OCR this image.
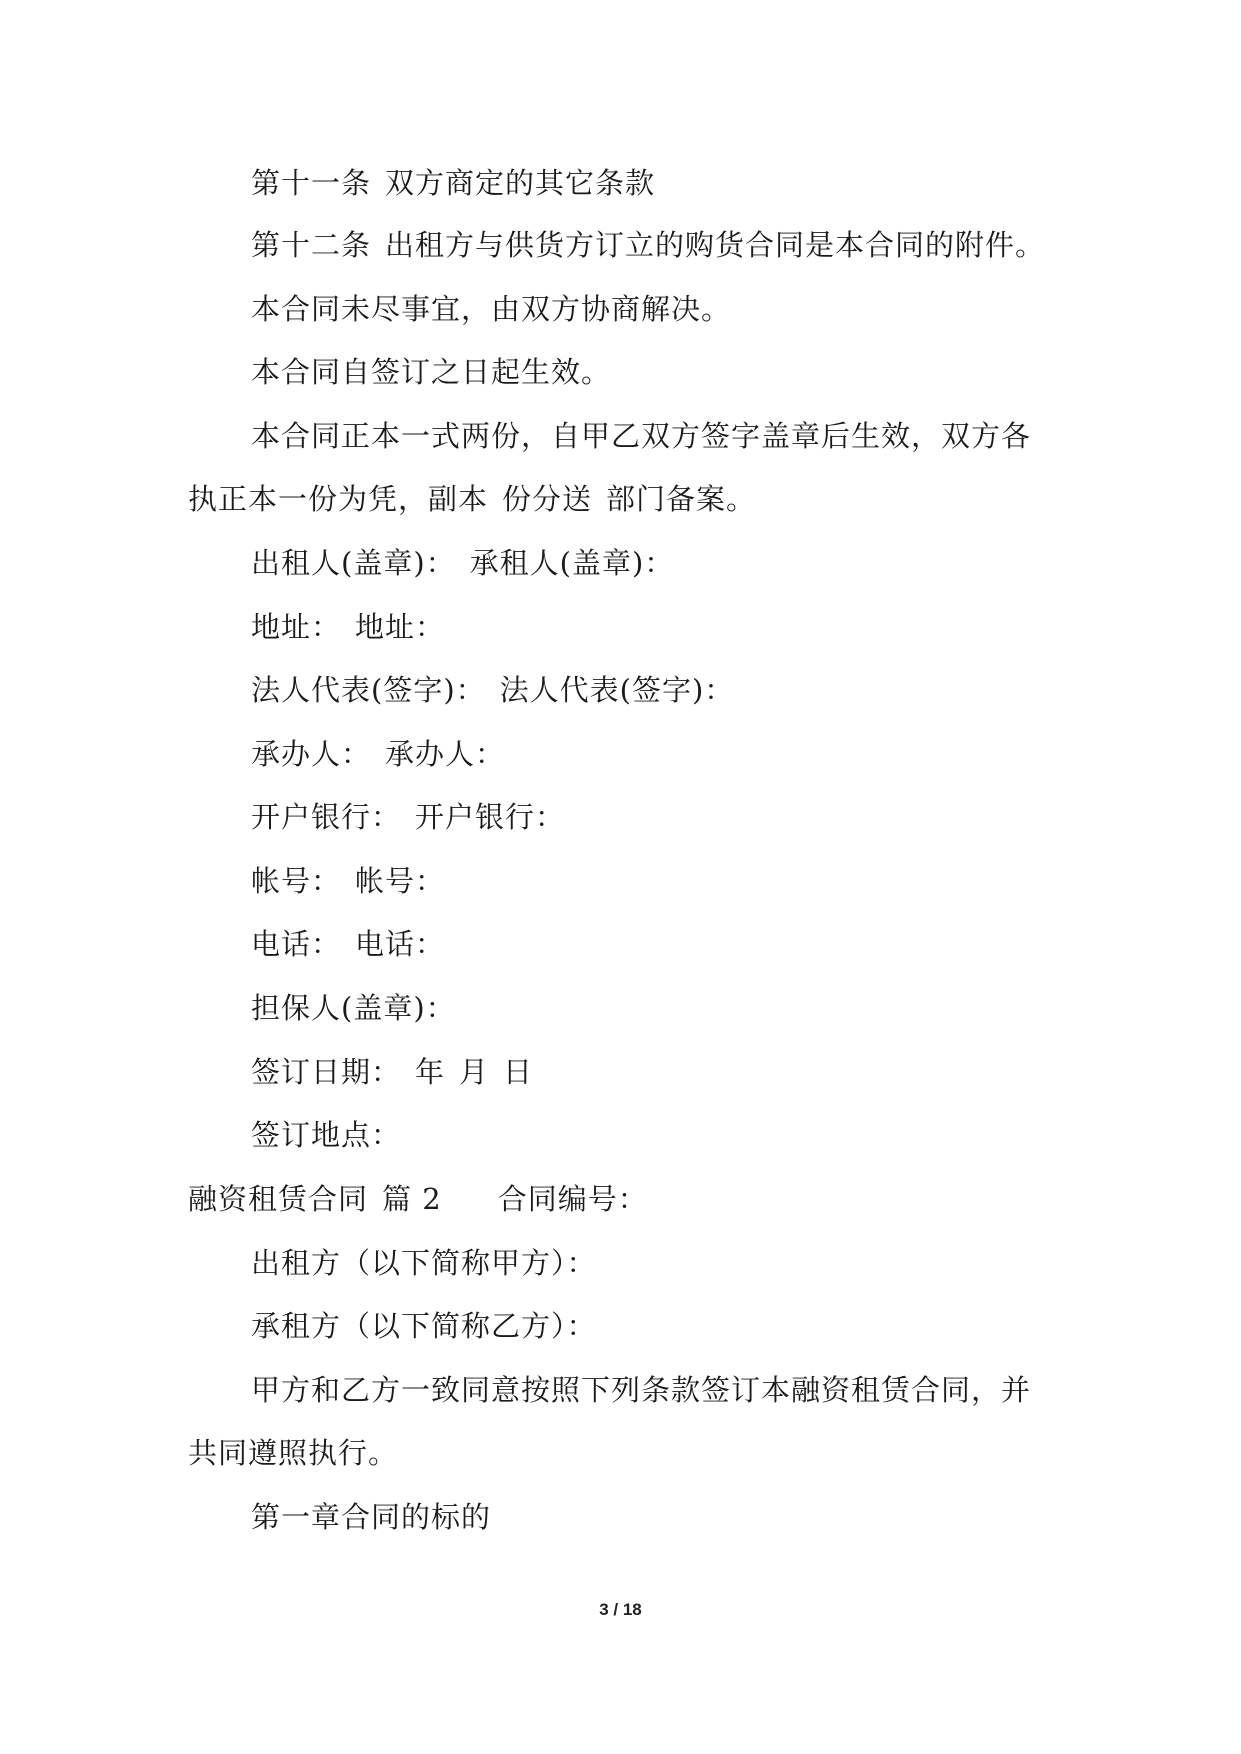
第十一条 双方商定的其它条款
第十二条 出租方与供货方订立的购货合同是本合同的附件。
本合同未尽事宜，由双方协商解决。
本合同自签订之日起生效。
本合同正本一式两份，自甲乙双方签字盖章后生效，双方各
执正本一份为凭，副本 份分送 部门备案。
出租人(盖章)： 承租人(盖章)：
地址： 地址：
法人代表(签字)： 法人代表(签字)：
承办人： 承办人：
开户银行： 开户银行：
帐号： 帐号：
电话： 电话：
担保人(盖章)：
签订日期： 年 月 日
签订地点：
融资租赁合同 篇 2 合同编号：
出租方（以下简称甲方）：
承租方（以下简称乙方）：
甲方和乙方一致同意按照下列条款签订本融资租赁合同，并
共同遵照执行。
第一章合同的标的
3 / 18
